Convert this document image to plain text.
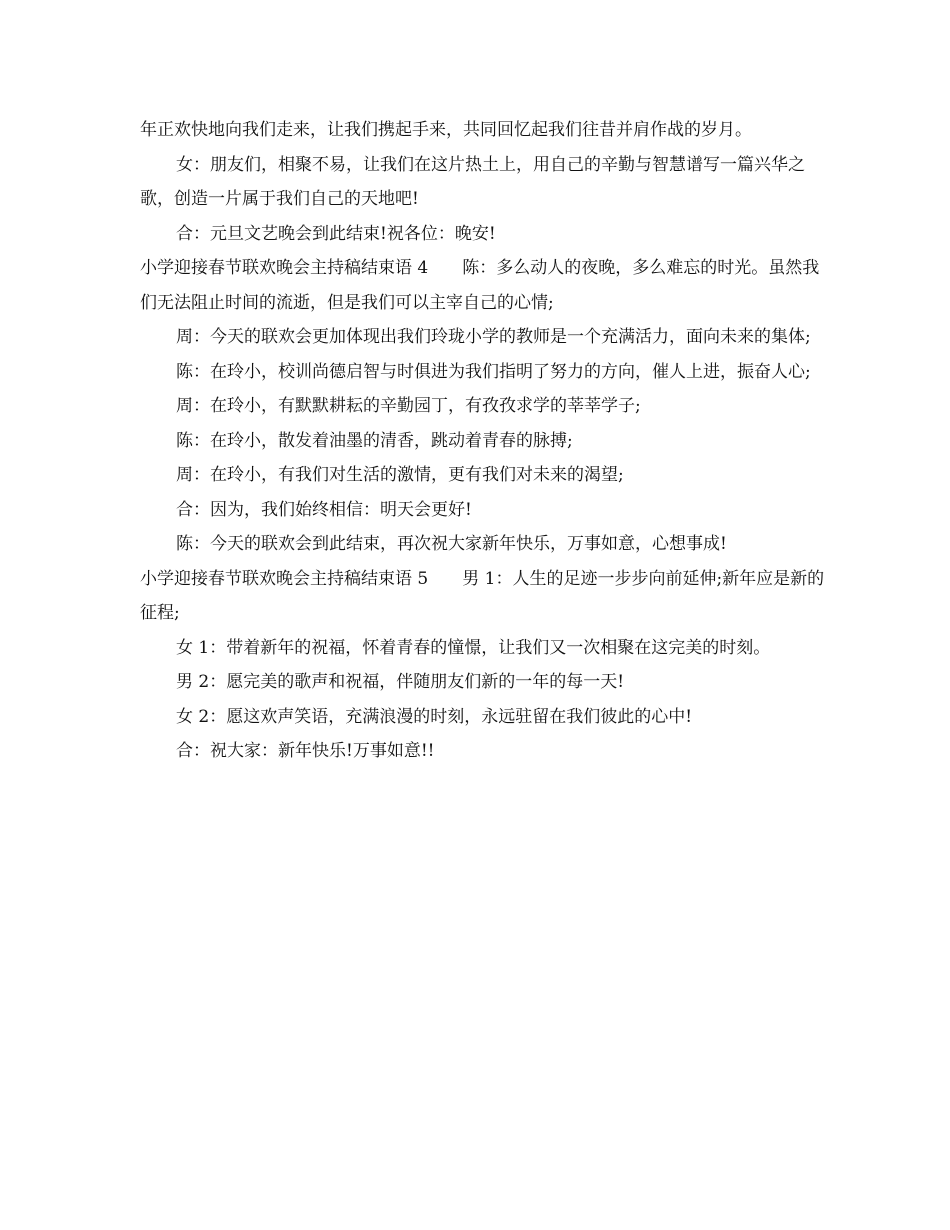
年正欢快地向我们走来，让我们携起手来，共同回忆起我们往昔并肩作战的岁月。

女：朋友们，相聚不易，让我们在这片热土上，用自己的辛勤与智慧谱写一篇兴华之歌，创造一片属于我们自己的天地吧!

合：元旦文艺晚会到此结束!祝各位：晚安!

小学迎接春节联欢晚会主持稿结束语 4　　陈：多么动人的夜晚，多么难忘的时光。虽然我们无法阻止时间的流逝，但是我们可以主宰自己的心情;

周：今天的联欢会更加体现出我们玲珑小学的教师是一个充满活力，面向未来的集体;

陈：在玲小，校训尚德启智与时俱进为我们指明了努力的方向，催人上进，振奋人心;

周：在玲小，有默默耕耘的辛勤园丁，有孜孜求学的莘莘学子;

陈：在玲小，散发着油墨的清香，跳动着青春的脉搏;

周：在玲小，有我们对生活的激情，更有我们对未来的渴望;

合：因为，我们始终相信：明天会更好!

陈：今天的联欢会到此结束，再次祝大家新年快乐，万事如意，心想事成!

小学迎接春节联欢晚会主持稿结束语 5　　男 1：人生的足迹一步步向前延伸;新年应是新的征程;

女 1：带着新年的祝福，怀着青春的憧憬，让我们又一次相聚在这完美的时刻。

男 2：愿完美的歌声和祝福，伴随朋友们新的一年的每一天!

女 2：愿这欢声笑语，充满浪漫的时刻，永远驻留在我们彼此的心中!

合：祝大家：新年快乐!万事如意!!
